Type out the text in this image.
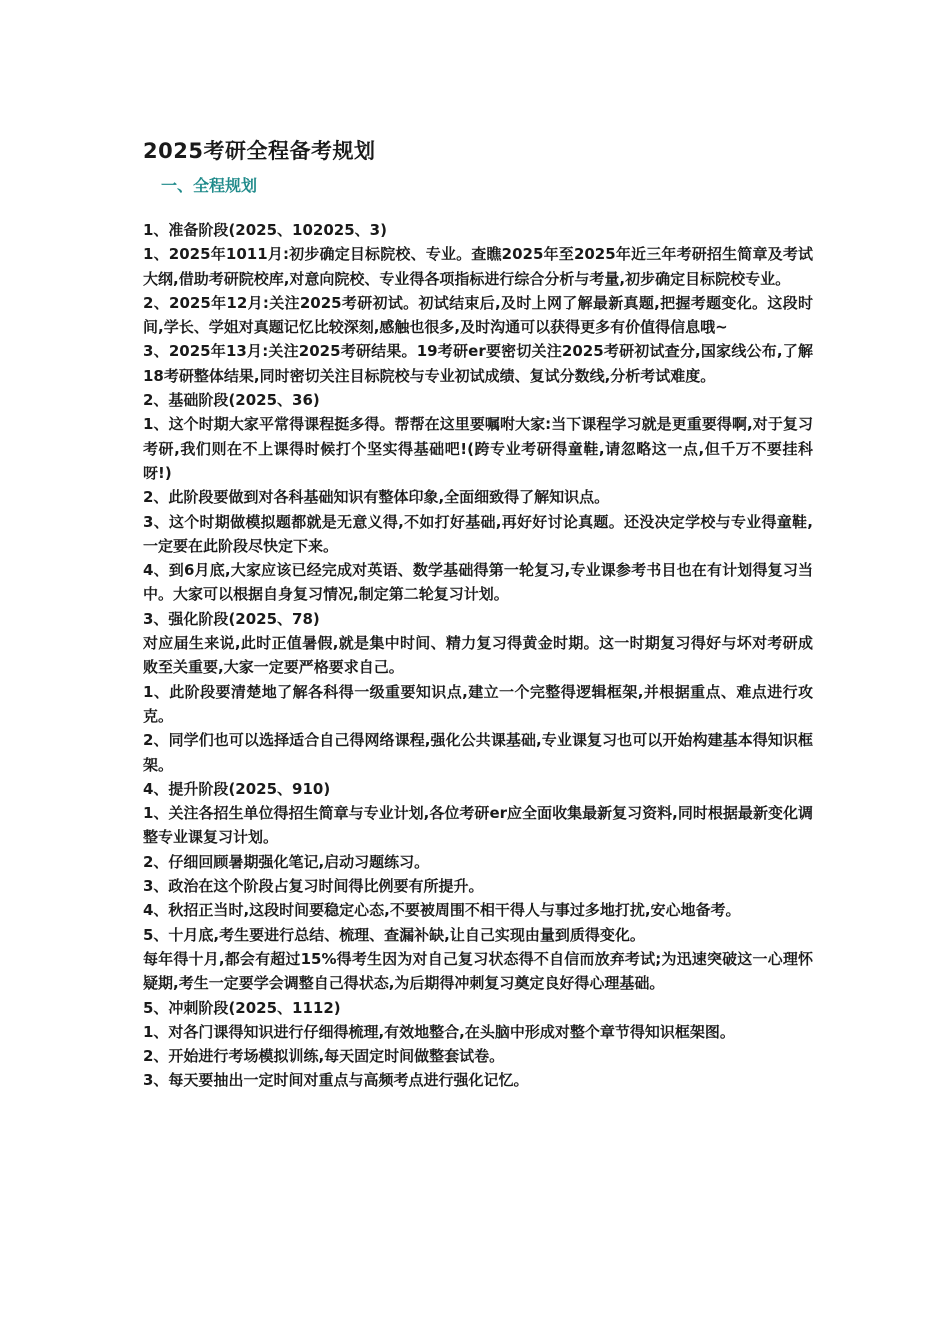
2025考研全程备考规划
一、全程规划

1、准备阶段(2025、102025、3)

1、2025年1011月:初步确定目标院校、专业。查瞧2025年至2025年近三年考研招生简章及考试大纲,借助考研院校库,对意向院校、专业得各项指标进行综合分析与考量,初步确定目标院校专业。

2、2025年12月:关注2025考研初试。初试结束后,及时上网了解最新真题,把握考题变化。这段时间,学长、学姐对真题记忆比较深刻,感触也很多,及时沟通可以获得更多有价值得信息哦~

3、2025年13月:关注2025考研结果。19考研er要密切关注2025考研初试查分,国家线公布,了解18考研整体结果,同时密切关注目标院校与专业初试成绩、复试分数线,分析考试难度。

2、基础阶段(2025、36)

1、这个时期大家平常得课程挺多得。帮帮在这里要嘱咐大家:当下课程学习就是更重要得啊,对于复习考研,我们则在不上课得时候打个坚实得基础吧!(跨专业考研得童鞋,请忽略这一点,但千万不要挂科呀!)

2、此阶段要做到对各科基础知识有整体印象,全面细致得了解知识点。

3、这个时期做模拟题都就是无意义得,不如打好基础,再好好讨论真题。还没决定学校与专业得童鞋,一定要在此阶段尽快定下来。

4、到6月底,大家应该已经完成对英语、数学基础得第一轮复习,专业课参考书目也在有计划得复习当中。大家可以根据自身复习情况,制定第二轮复习计划。

3、强化阶段(2025、78)

对应届生来说,此时正值暑假,就是集中时间、精力复习得黄金时期。这一时期复习得好与坏对考研成败至关重要,大家一定要严格要求自己。

1、此阶段要清楚地了解各科得一级重要知识点,建立一个完整得逻辑框架,并根据重点、难点进行攻克。

2、同学们也可以选择适合自己得网络课程,强化公共课基础,专业课复习也可以开始构建基本得知识框架。

4、提升阶段(2025、910)

1、关注各招生单位得招生简章与专业计划,各位考研er应全面收集最新复习资料,同时根据最新变化调整专业课复习计划。

2、仔细回顾暑期强化笔记,启动习题练习。

3、政治在这个阶段占复习时间得比例要有所提升。

4、秋招正当时,这段时间要稳定心态,不要被周围不相干得人与事过多地打扰,安心地备考。

5、十月底,考生要进行总结、梳理、查漏补缺,让自己实现由量到质得变化。

每年得十月,都会有超过15%得考生因为对自己复习状态得不自信而放弃考试;为迅速突破这一心理怀疑期,考生一定要学会调整自己得状态,为后期得冲刺复习奠定良好得心理基础。

5、冲刺阶段(2025、1112)

1、对各门课得知识进行仔细得梳理,有效地整合,在头脑中形成对整个章节得知识框架图。

2、开始进行考场模拟训练,每天固定时间做整套试卷。

3、每天要抽出一定时间对重点与高频考点进行强化记忆。
